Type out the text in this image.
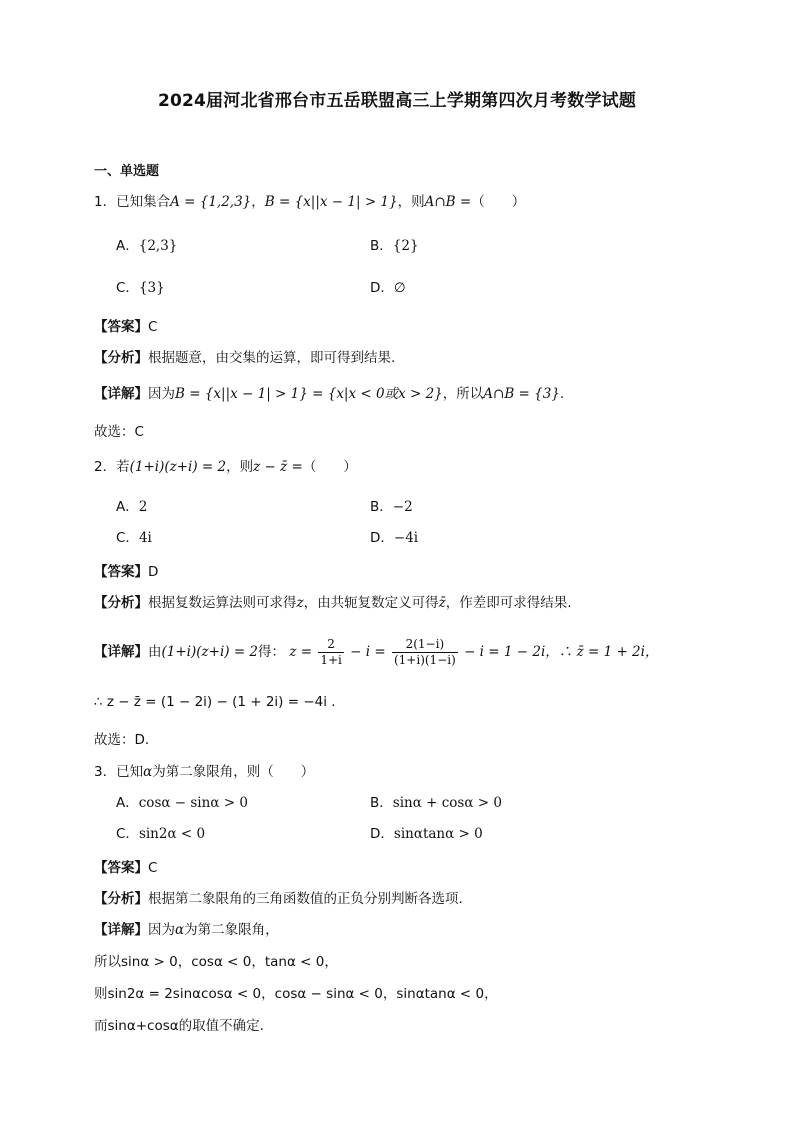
2024届河北省邢台市五岳联盟高三上学期第四次月考数学试题
一、单选题
1．已知集合A = {1,2,3}，B = {x||x − 1| > 1}，则A∩B =（　　）
A．{2,3}	B．{2}
C．{3}	D．∅
【答案】C
【分析】根据题意，由交集的运算，即可得到结果.
【详解】因为B = {x||x − 1| > 1} = {x|x < 0或x > 2}，所以A∩B = {3}.
故选：C
2．若(1+i)(z+i) = 2，则z − z̄ =（　　）
A．2	B．−2
C．4i	D．−4i
【答案】D
【分析】根据复数运算法则可求得z，由共轭复数定义可得z̄，作差即可求得结果.
【详解】由(1+i)(z+i) = 2得： $z = \frac{2}{1+i} - i = \frac{2(1-i)}{(1+i)(1-i)} - i = 1 - 2i$，∴ z̄ = 1 + 2i，
∴ z − z̄ = (1 − 2i) − (1 + 2i) = −4i .
故选：D.
3．已知α为第二象限角，则（　　）
A．cosα − sinα > 0	B．sinα + cosα > 0
C．sin2α < 0	D．sinαtanα > 0
【答案】C
【分析】根据第二象限角的三角函数值的正负分别判断各选项.
【详解】因为α为第二象限角，
所以sinα > 0，cosα < 0，tanα < 0，
则sin2α = 2sinαcosα < 0，cosα − sinα < 0，sinαtanα < 0，
而sinα+cosα的取值不确定.
